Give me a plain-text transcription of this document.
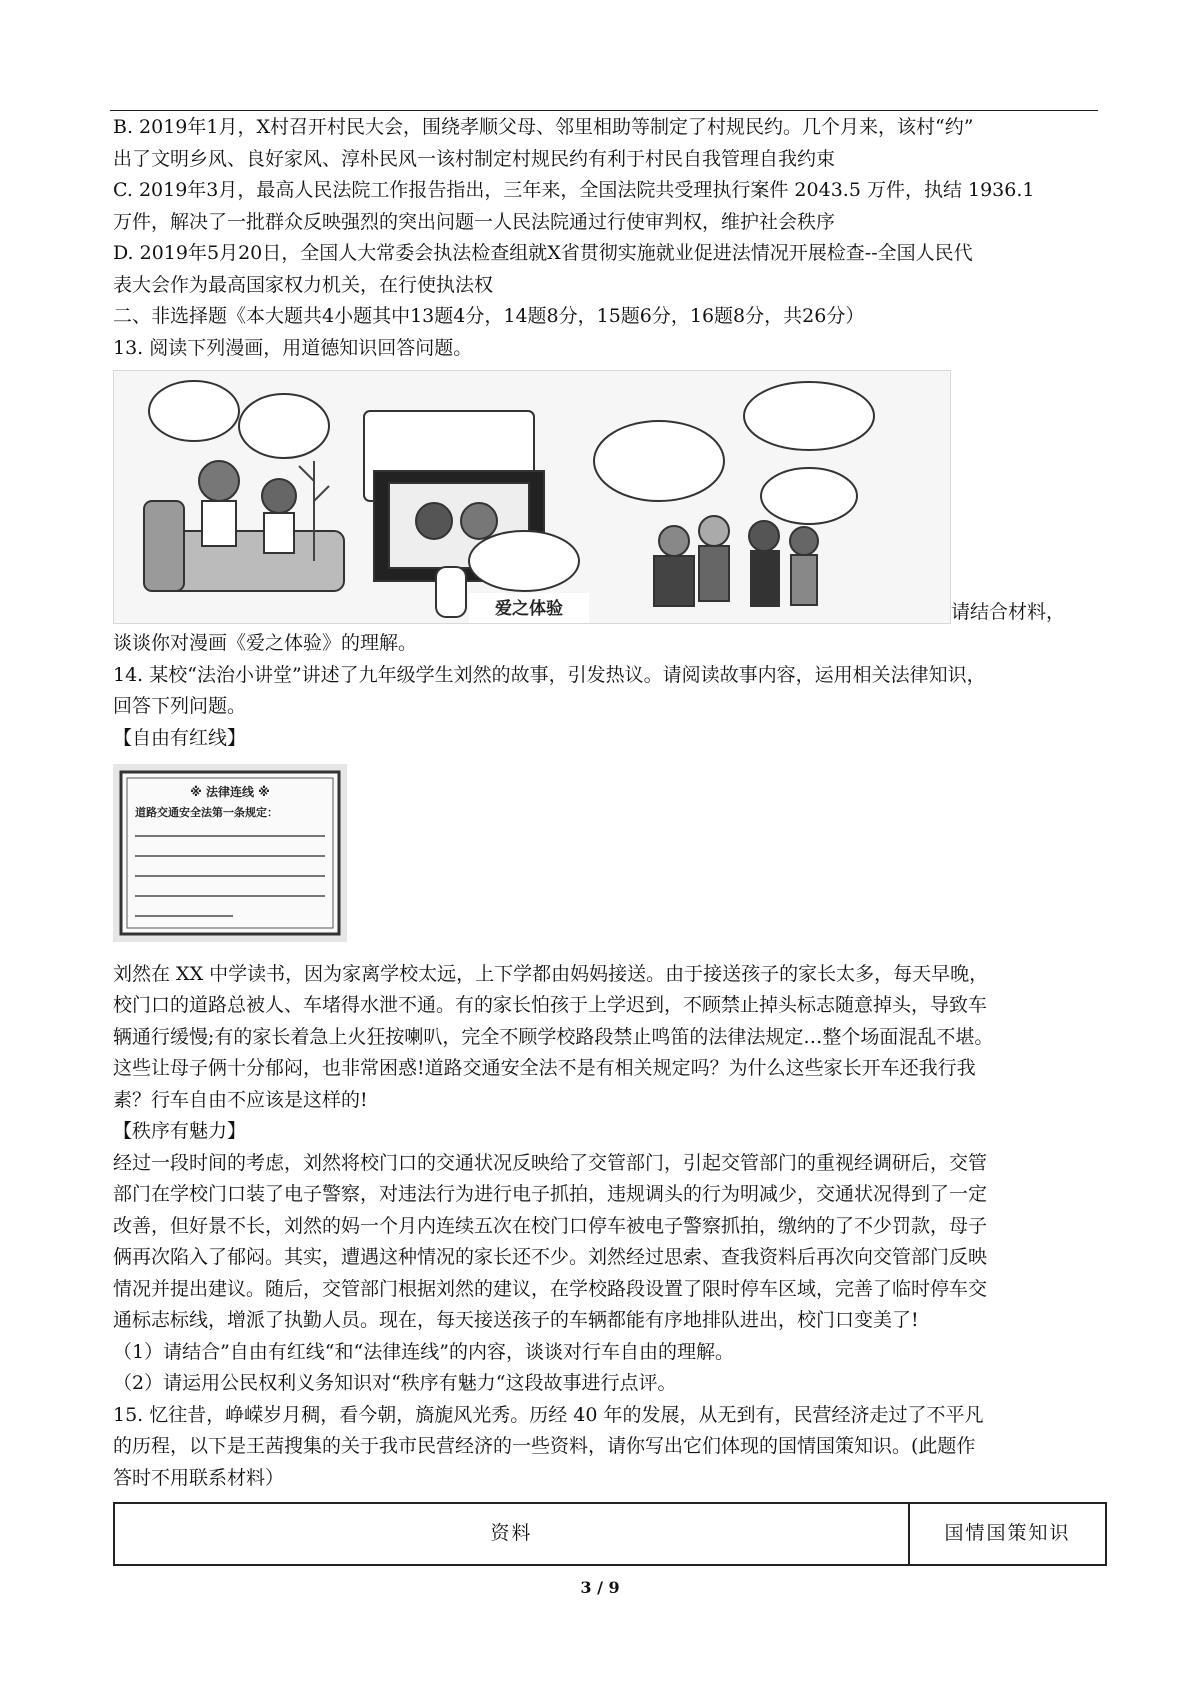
B. 2019年1月，X村召开村民大会，围绕孝顺父母、邻里相助等制定了村规民约。几个月来，该村“约”

出了文明乡风、良好家风、淳朴民风一该村制定村规民约有利于村民自我管理自我约束

C. 2019年3月，最高人民法院工作报告指出，三年来，全国法院共受理执行案件 2043.5 万件，执结 1936.1

万件，解决了一批群众反映强烈的突出问题一人民法院通过行使审判权，维护社会秩序

D. 2019年5月20日，全国人大常委会执法检查组就X省贯彻实施就业促进法情况开展检查--全国人民代

表大会作为最高国家权力机关，在行使执法权

二、非选择题《本大题共4小题其中13题4分，14题8分，15题6分，16题8分，共26分）

13. 阅读下列漫画，用道德知识回答问题。

爱之体验	请结合材料，

谈谈你对漫画《爱之体验》的理解。

14. 某校“法治小讲堂”讲述了九年级学生刘然的故事，引发热议。请阅读故事内容，运用相关法律知识，

回答下列问题。

【自由有红线】

※ 法律连线 ※
道路交通安全法第一条规定：

刘然在 XX 中学读书，因为家离学校太远，上下学都由妈妈接送。由于接送孩子的家长太多，每天早晚，

校门口的道路总被人、车堵得水泄不通。有的家长怕孩于上学迟到，不顾禁止掉头标志随意掉头，导致车

辆通行缓慢;有的家长着急上火狂按喇叭，完全不顾学校路段禁止鸣笛的法律法规定…整个场面混乱不堪。

这些让母子俩十分郁闷，也非常困惑!道路交通安全法不是有相关规定吗？为什么这些家长开车还我行我

素？行车自由不应该是这样的!

【秩序有魅力】

经过一段时间的考虑，刘然将校门口的交通状况反映给了交管部门，引起交管部门的重视经调研后，交管

部门在学校门口装了电子警察，对违法行为进行电子抓拍，违规调头的行为明减少，交通状况得到了一定

改善，但好景不长，刘然的妈一个月内连续五次在校门口停车被电子警察抓拍，缴纳的了不少罚款，母子

俩再次陷入了郁闷。其实，遭遇这种情况的家长还不少。刘然经过思索、查我资料后再次向交管部门反映

情况并提出建议。随后，交管部门根据刘然的建议，在学校路段设置了限时停车区域，完善了临时停车交

通标志标线，增派了执勤人员。现在，每天接送孩子的车辆都能有序地排队进出，校门口变美了!

（1）请结合”自由有红线“和“法律连线”的内容，谈谈对行车自由的理解。

（2）请运用公民权利义务知识对“秩序有魅力“这段故事进行点评。

15. 忆往昔，峥嵘岁月稠，看今朝，旖旎风光秀。历经 40 年的发展，从无到有，民营经济走过了不平凡

的历程，以下是王茜搜集的关于我市民营经济的一些资料，请你写出它们体现的国情国策知识。(此题作

答时不用联系材料）

资料	国情国策知识
3 / 9
